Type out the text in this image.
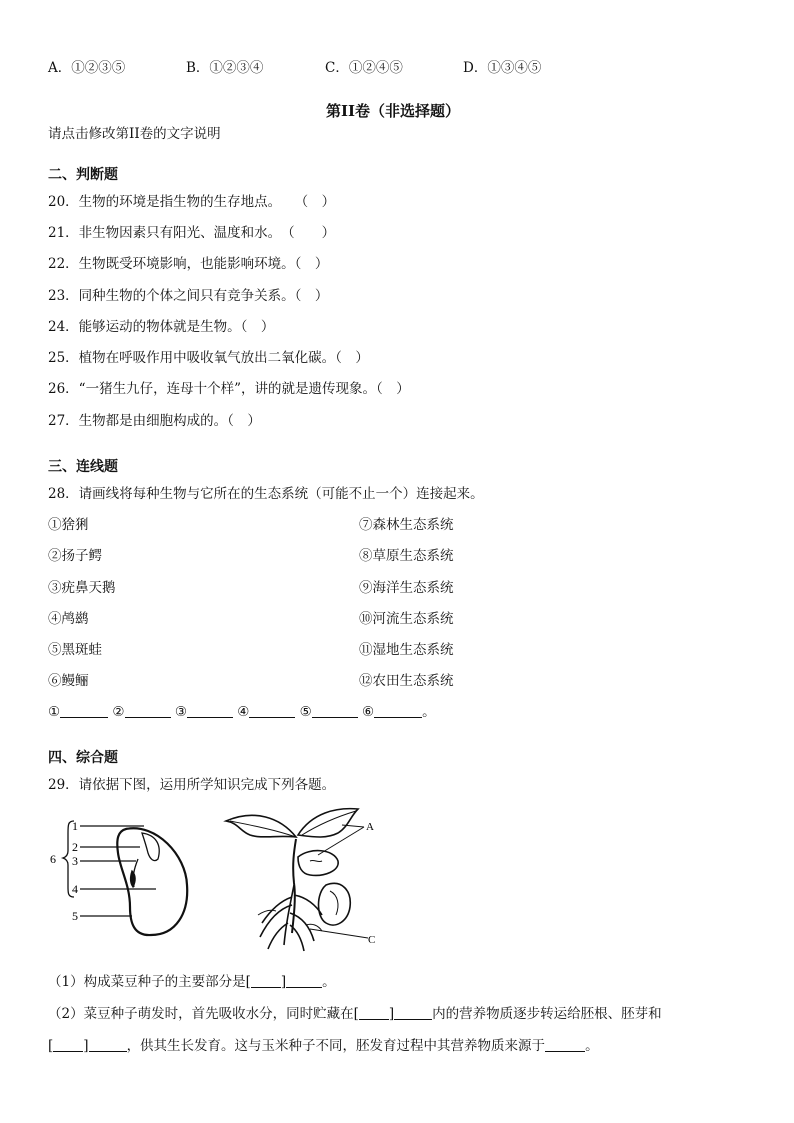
A．①②③⑤	B．①②③④	C．①②④⑤	D．①③④⑤
第II卷（非选择题）
请点击修改第II卷的文字说明
二、判断题
20．生物的环境是指生物的生存地点。　　（　）
21．非生物因素只有阳光、温度和水。　（　　）
22．生物既受环境影响，也能影响环境。（　）
23．同种生物的个体之间只有竞争关系。（　）
24．能够运动的物体就是生物。（　）
25．植物在呼吸作用中吸收氧气放出二氧化碳。（　）
26．“一猪生九仔，连母十个样”，讲的就是遗传现象。（　）
27．生物都是由细胞构成的。（　）
三、连线题
28．请画线将每种生物与它所在的生态系统（可能不止一个）连接起来。
①猞猁
②扬子鳄
③疣鼻天鹅
④鸬鹚
⑤黑斑蛙
⑥鳗鲡
⑦森林生态系统
⑧草原生态系统
⑨海洋生态系统
⑩河流生态系统
⑪湿地生态系统
⑫农田生态系统
①	②	③	④	⑤	⑥	。
四、综合题
29．请依据下图，运用所学知识完成下列各题。
1
2
3
4
5
6
A
C
（1）构成菜豆种子的主要部分是[ ]	。
（2）菜豆种子萌发时，首先吸收水分，同时贮藏在[ ]	内的营养物质逐步转运给胚根、胚芽和
[ ]	，供其生长发育。这与玉米种子不同，胚发育过程中其营养物质来源于	。
